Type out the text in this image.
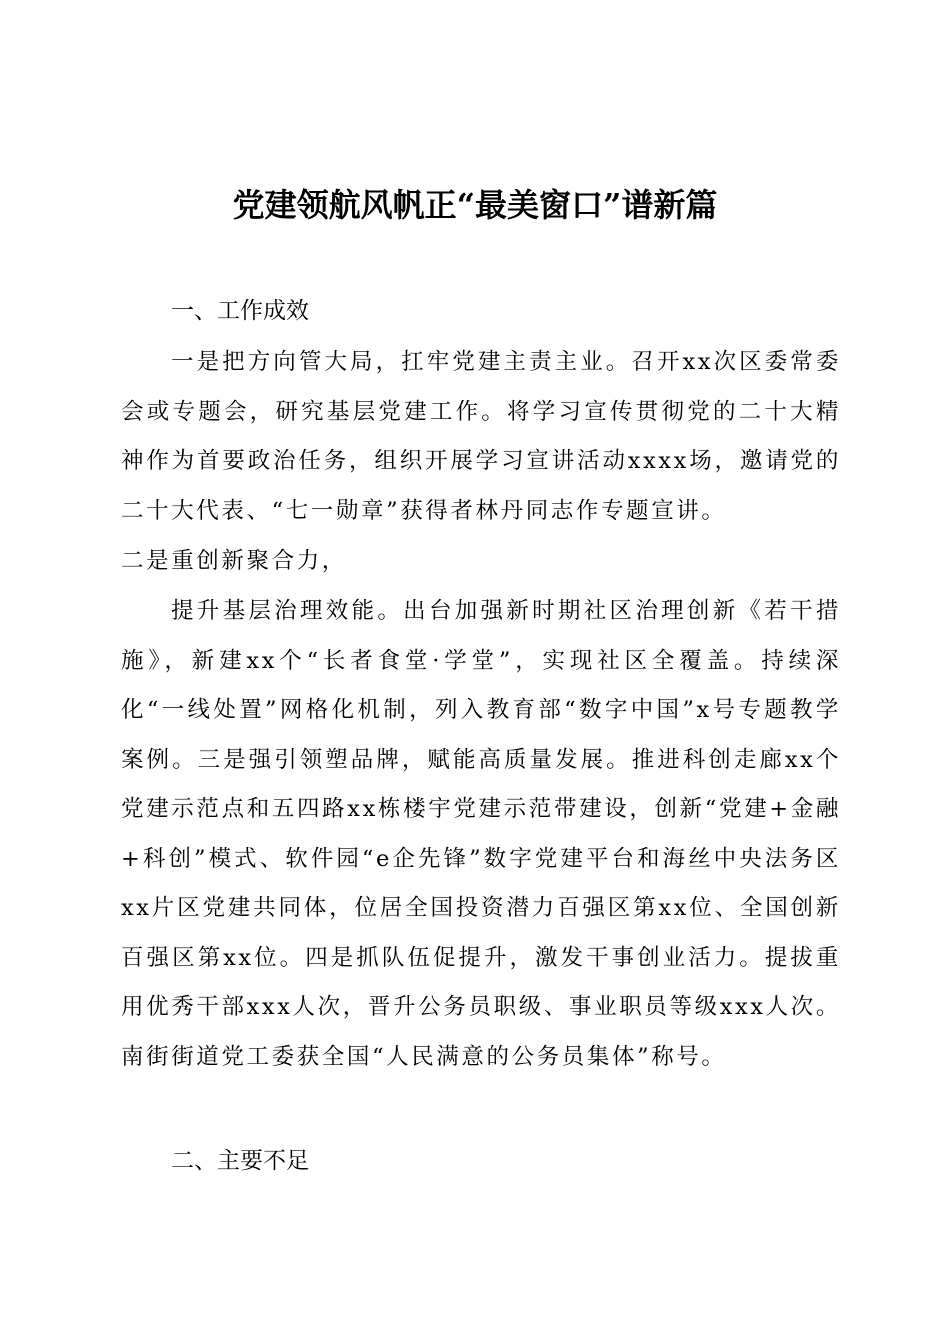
党建领航风帆正“最美窗口”谱新篇
一、工作成效

一是把方向管大局，扛牢党建主责主业。召开xx次区委常委会或专题会，研究基层党建工作。将学习宣传贯彻党的二十大精神作为首要政治任务，组织开展学习宣讲活动xxxx场，邀请党的二十大代表、“七一勋章”获得者林丹同志作专题宣讲。

二是重创新聚合力，

提升基层治理效能。出台加强新时期社区治理创新《若干措施》，新建xx个“长者食堂·学堂”，实现社区全覆盖。持续深化“一线处置”网格化机制，列入教育部“数字中国”x号专题教学案例。三是强引领塑品牌，赋能高质量发展。推进科创走廊xx个党建示范点和五四路xx栋楼宇党建示范带建设，创新“党建+金融+科创”模式、软件园“e企先锋”数字党建平台和海丝中央法务区xx片区党建共同体，位居全国投资潜力百强区第xx位、全国创新百强区第xx位。四是抓队伍促提升，激发干事创业活力。提拔重用优秀干部xxx人次，晋升公务员职级、事业职员等级xxx人次。南街街道党工委获全国“人民满意的公务员集体”称号。

二、主要不足
